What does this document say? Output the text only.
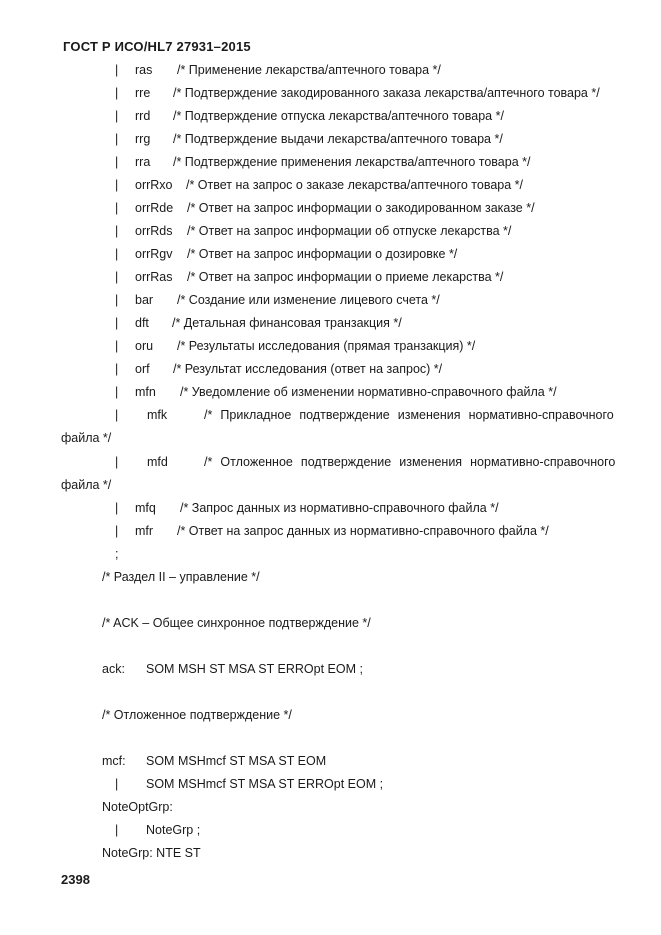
ГОСТ Р ИСО/HL7 27931–2015
|	ras /* Применение лекарства/аптечного товара */
|	rre /* Подтверждение закодированного заказа лекарства/аптечного товара */
|	rrd /* Подтверждение отпуска лекарства/аптечного товара */
|	rrg /* Подтверждение выдачи лекарства/аптечного товара */
|	rra /* Подтверждение применения лекарства/аптечного товара */
|	orrRxo /* Ответ на запрос о заказе лекарства/аптечного товара */
|	orrRde /* Ответ на запрос информации о закодированном заказе */
|	orrRds /* Ответ на запрос информации об отпуске лекарства */
|	orrRgv /* Ответ на запрос информации о дозировке */
|	orrRas /* Ответ на запрос информации о приеме лекарства */
|	bar /* Создание или изменение лицевого счета */
|	dft /* Детальная финансовая транзакция */
|	oru /* Результаты исследования (прямая транзакция) */
|	orf /* Результат исследования (ответ на запрос) */
|	mfn /* Уведомление об изменении нормативно-справочного файла */
|	mfk	/* Прикладное подтверждение изменения нормативно-справочного
файла */
|	mfd	/* Отложенное подтверждение изменения нормативно-справочного
файла */
|	mfq /* Запрос данных из нормативно-справочного файла */
|	mfr /* Ответ на запрос данных из нормативно-справочного файла */
;
/* Раздел II – управление */
/* ACK – Общее синхронное подтверждение */
ack: SOM MSH ST MSA ST ERROpt EOM ;
/* Отложенное подтверждение */
mcf: SOM MSHmcf ST MSA ST EOM
| SOM MSHmcf ST MSA ST ERROpt EOM ;
NoteOptGrp:
| NoteGrp ;
NoteGrp: NTE ST
2398
